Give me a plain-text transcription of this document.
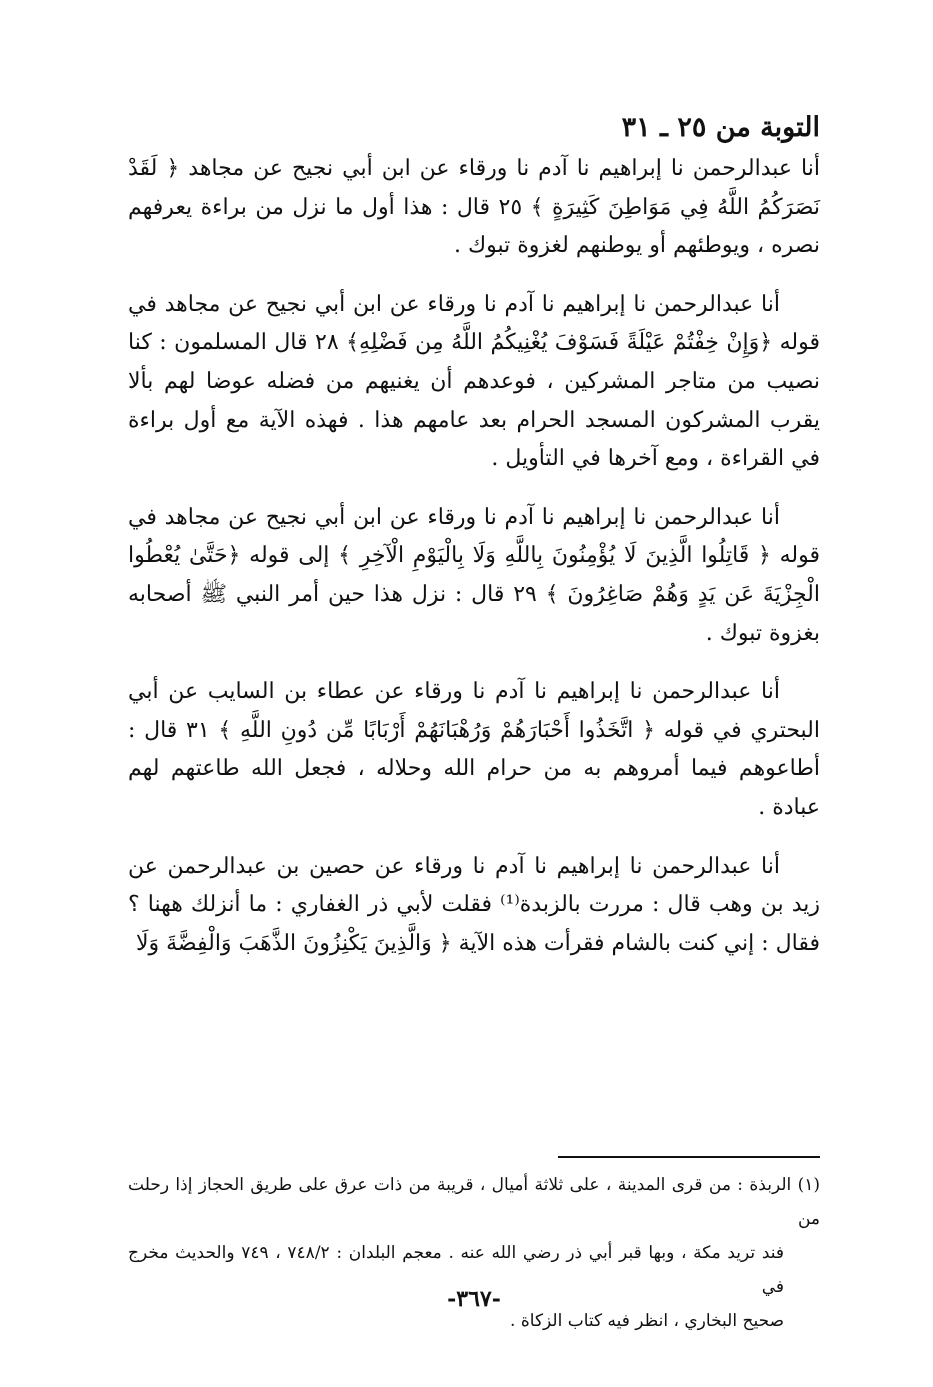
التوبة من ٢٥ ـ ٣١

أنا عبدالرحمن نا إبراهيم نا آدم نا ورقاء عن ابن أبي نجيح عن مجاهد ﴿ لَقَدْ نَصَرَكُمُ اللَّهُ فِي مَوَاطِنَ كَثِيرَةٍ ﴾ ٢٥ قال : هذا أول ما نزل من براءة يعرفهم نصره ، ويوطئهم أو يوطنهم لغزوة تبوك .

أنا عبدالرحمن نا إبراهيم نا آدم نا ورقاء عن ابن أبي نجيح عن مجاهد في قوله ﴿وَإِنْ خِفْتُمْ عَيْلَةً فَسَوْفَ يُغْنِيكُمُ اللَّهُ مِن فَضْلِهِ﴾ ٢٨ قال المسلمون : كنا نصيب من متاجر المشركين ، فوعدهم أن يغنيهم من فضله عوضا لهم بألا يقرب المشركون المسجد الحرام بعد عامهم هذا . فهذه الآية مع أول براءة في القراءة ، ومع آخرها في التأويل .

أنا عبدالرحمن نا إبراهيم نا آدم نا ورقاء عن ابن أبي نجيح عن مجاهد في قوله ﴿ قَاتِلُوا الَّذِينَ لَا يُؤْمِنُونَ بِاللَّهِ وَلَا بِالْيَوْمِ الْآخِرِ ﴾ إلى قوله ﴿حَتَّىٰ يُعْطُوا الْجِزْيَةَ عَن يَدٍ وَهُمْ صَاغِرُونَ ﴾ ٢٩ قال : نزل هذا حين أمر النبي ﷺ أصحابه بغزوة تبوك .

أنا عبدالرحمن نا إبراهيم نا آدم نا ورقاء عن عطاء بن السايب عن أبي البحتري في قوله ﴿ اتَّخَذُوا أَحْبَارَهُمْ وَرُهْبَانَهُمْ أَرْبَابًا مِّن دُونِ اللَّهِ ﴾ ٣١ قال : أطاعوهم فيما أمروهم به من حرام الله وحلاله ، فجعل الله طاعتهم لهم عبادة .

أنا عبدالرحمن نا إبراهيم نا آدم نا ورقاء عن حصين بن عبدالرحمن عن زيد بن وهب قال : مررت بالزبدة⁽¹⁾ فقلت لأبي ذر الغفاري : ما أنزلك ههنا ؟ فقال : إني كنت بالشام فقرأت هذه الآية ﴿ وَالَّذِينَ يَكْنِزُونَ الذَّهَبَ وَالْفِضَّةَ وَلَا

(١) الربذة : من قرى المدينة ، على ثلاثة أميال ، قريبة من ذات عرق على طريق الحجاز إذا رحلت من
فند تريد مكة ، وبها قبر أبي ذر رضي الله عنه . معجم البلدان : ٧٤٨/٢ ، ٧٤٩ والحديث مخرج في
صحيح البخاري ، انظر فيه كتاب الزكاة .
-٣٦٧-
